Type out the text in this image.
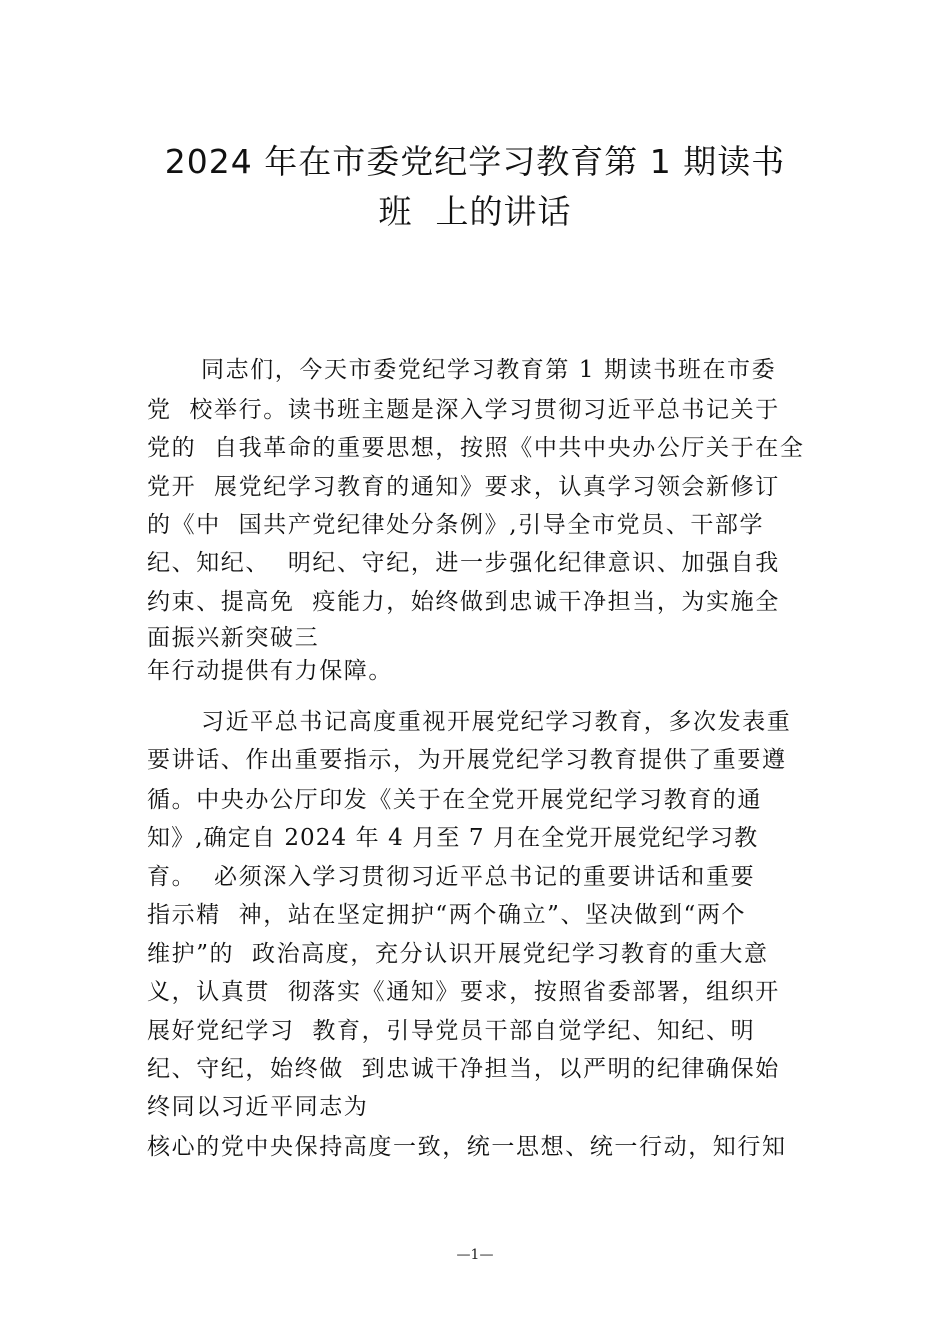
2024 年在市委党纪学习教育第 1 期读书
班  上的讲话
同志们，今天市委党纪学习教育第 1 期读书班在市委
党  校举行。读书班主题是深入学习贯彻习近平总书记关于
党的  自我革命的重要思想，按照《中共中央办公厅关于在全
党开  展党纪学习教育的通知》要求，认真学习领会新修订
的《中  国共产党纪律处分条例》,引导全市党员、干部学
纪、知纪、  明纪、守纪，进一步强化纪律意识、加强自我
约束、提高免  疫能力，始终做到忠诚干净担当，为实施全
面振兴新突破三
年行动提供有力保障。
习近平总书记高度重视开展党纪学习教育，多次发表重
要讲话、作出重要指示，为开展党纪学习教育提供了重要遵
循。中央办公厅印发《关于在全党开展党纪学习教育的通
知》,确定自 2024 年 4 月至 7 月在全党开展党纪学习教
育。  必须深入学习贯彻习近平总书记的重要讲话和重要
指示精  神，站在坚定拥护“两个确立”、坚决做到“两个
维护”的  政治高度，充分认识开展党纪学习教育的重大意
义，认真贯  彻落实《通知》要求，按照省委部署，组织开
展好党纪学习  教育，引导党员干部自觉学纪、知纪、明
纪、守纪，始终做  到忠诚干净担当，以严明的纪律确保始
终同以习近平同志为
核心的党中央保持高度一致，统一思想、统一行动，知行知
—1—
